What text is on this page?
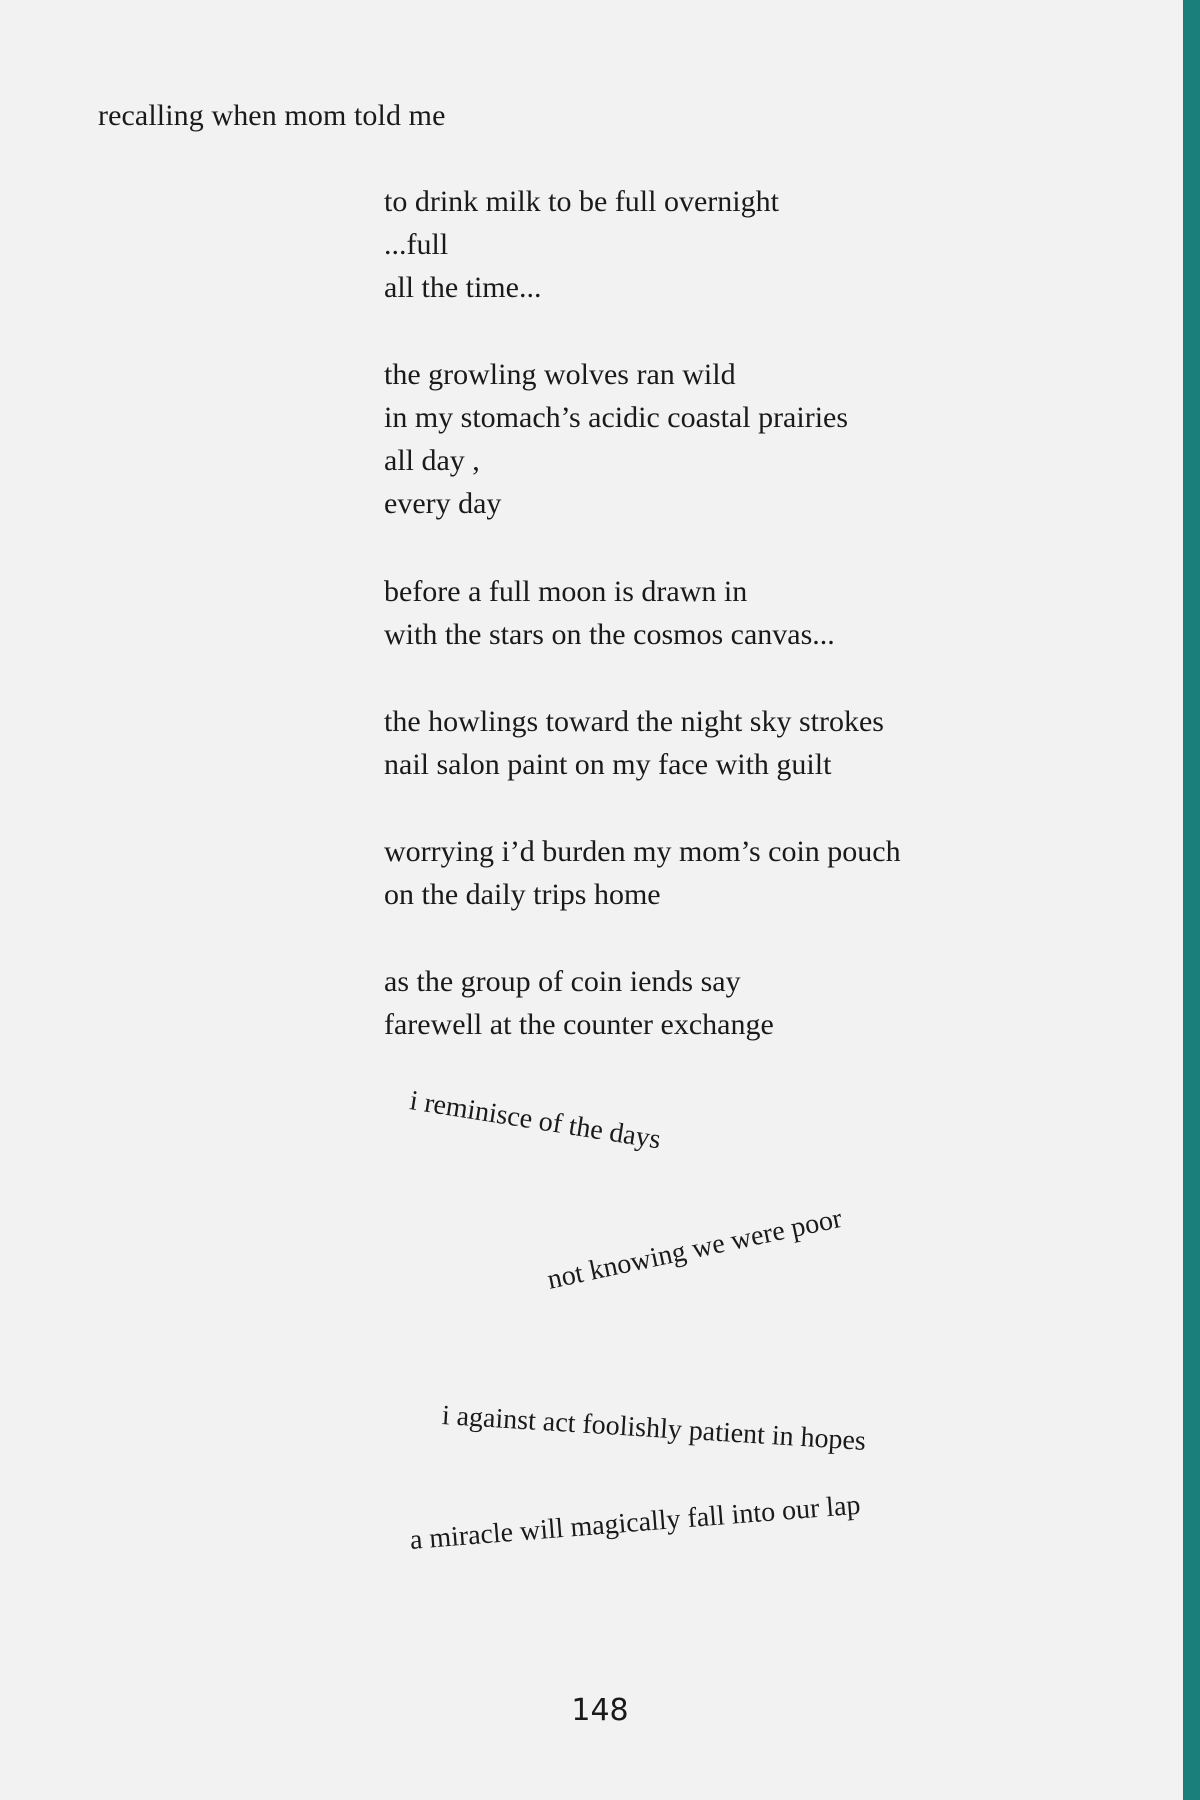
recalling when mom told me
to drink milk to be full overnight
...full
all the time...
the growling wolves ran wild
in my stomach’s acidic coastal prairies
all day ,
every day
before a full moon is drawn in
with the stars on the cosmos canvas...
the howlings toward the night sky strokes
nail salon paint on my face with guilt
worrying i’d burden my mom’s coin pouch
on the daily trips home
as the group of coin iends say
farewell at the counter exchange
i reminisce of the days
not knowing we were poor
i against act foolishly patient in hopes
a miracle will magically fall into our lap
148
